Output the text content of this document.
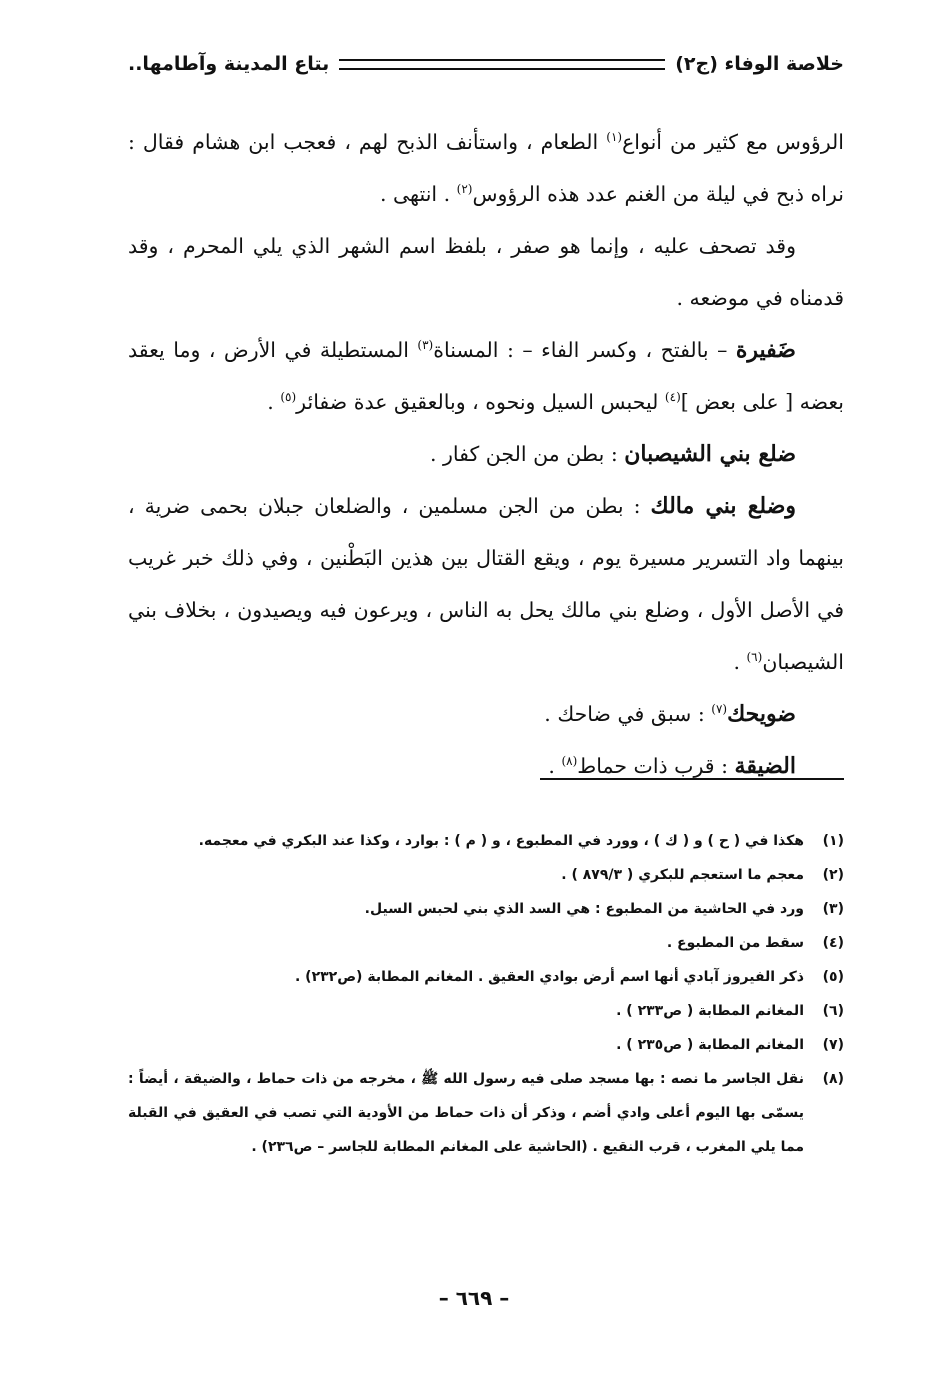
خلاصة الوفاء (ج٢)
بتاع المدينة وآطامها..

الرؤوس مع كثير من أنواع$^{(١)}$ الطعام ، واستأنف الذبح لهم ، فعجب ابن هشام فقال : نراه ذبح في ليلة من الغنم عدد هذه الرؤوس$^{(٢)}$ . انتهى .

وقد تصحف عليه ، وإنما هو صفر ، بلفظ اسم الشهر الذي يلي المحرم ، وقد قدمناه في موضعه .

ضَفيرة – بالفتح ، وكسر الفاء – : المسناة$^{(٣)}$ المستطيلة في الأرض ، وما يعقد بعضه [ على بعض ]$^{(٤)}$ ليحبس السيل ونحوه ، وبالعقيق عدة ضفائر$^{(٥)}$ .

ضلع بني الشيصبان : بطن من الجن كفار .

وضلع بني مالك : بطن من الجن مسلمين ، والضلعان جبلان بحمى ضرية ، بينهما واد التسرير مسيرة يوم ، ويقع القتال بين هذين البَطْنين ، وفي ذلك خبر غريب في الأصل الأول ، وضلع بني مالك يحل به الناس ، ويرعون فيه ويصيدون ، بخلاف بني الشيصبان$^{(٦)}$ .

ضويحك$^{(٧)}$ : سبق في ضاحك .

الضيقة : قرب ذات حماط$^{(٨)}$ .

(١)
هكذا في ( ح ) و ( ك ) ، وورد في المطبوع ، و ( م ) : بوارد ، وكذا عند البكري في معجمه.
(٢)
معجم ما استعجم للبكري ( ٨٧٩/٣ ) .
(٣)
ورد في الحاشية من المطبوع : هي السد الذي بني لحبس السيل.
(٤)
سقط من المطبوع .
(٥)
ذكر الفيروز آبادي أنها اسم أرض بوادي العقيق . المغانم المطابة (ص٢٣٢) .
(٦)
المغانم المطابة ( ص٢٣٣ ) .
(٧)
المغانم المطابة ( ص٢٣٥ ) .
(٨)
نقل الجاسر ما نصه : بها مسجد صلى فيه رسول الله ﷺ ، مخرجه من ذات حماط ، والضيقة ، أيضاً : يسمّى بها اليوم أعلى وادي أضم ، وذكر أن ذات حماط من الأودية التي تصب في العقيق في القبلة مما يلي المغرب ، قرب النقيع . (الحاشية على المغانم المطابة للجاسر – ص٢٣٦) .
– ٦٦٩ –
